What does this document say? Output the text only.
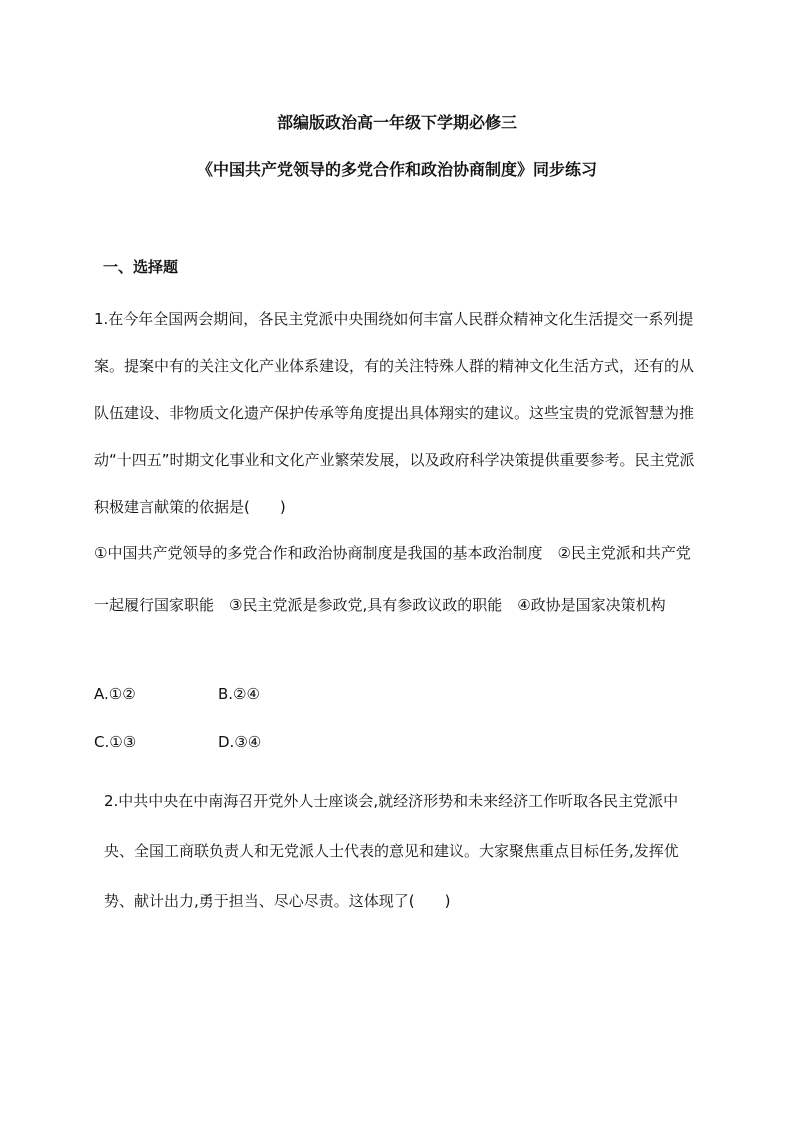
部编版政治高一年级下学期必修三
《中国共产党领导的多党合作和政治协商制度》同步练习
一、选择题
1.在今年全国两会期间，各民主党派中央围绕如何丰富人民群众精神文化生活提交一系列提案。提案中有的关注文化产业体系建设，有的关注特殊人群的精神文化生活方式，还有的从队伍建设、非物质文化遗产保护传承等角度提出具体翔实的建议。这些宝贵的党派智慧为推动“十四五”时期文化事业和文化产业繁荣发展，以及政府科学决策提供重要参考。民主党派积极建言献策的依据是(　　)
①中国共产党领导的多党合作和政治协商制度是我国的基本政治制度　②民主党派和共产党一起履行国家职能　③民主党派是参政党,具有参政议政的职能　④政协是国家决策机构
A.①②	B.②④
C.①③	D.③④
2.中共中央在中南海召开党外人士座谈会,就经济形势和未来经济工作听取各民主党派中央、全国工商联负责人和无党派人士代表的意见和建议。大家聚焦重点目标任务,发挥优势、献计出力,勇于担当、尽心尽责。这体现了(　　)
